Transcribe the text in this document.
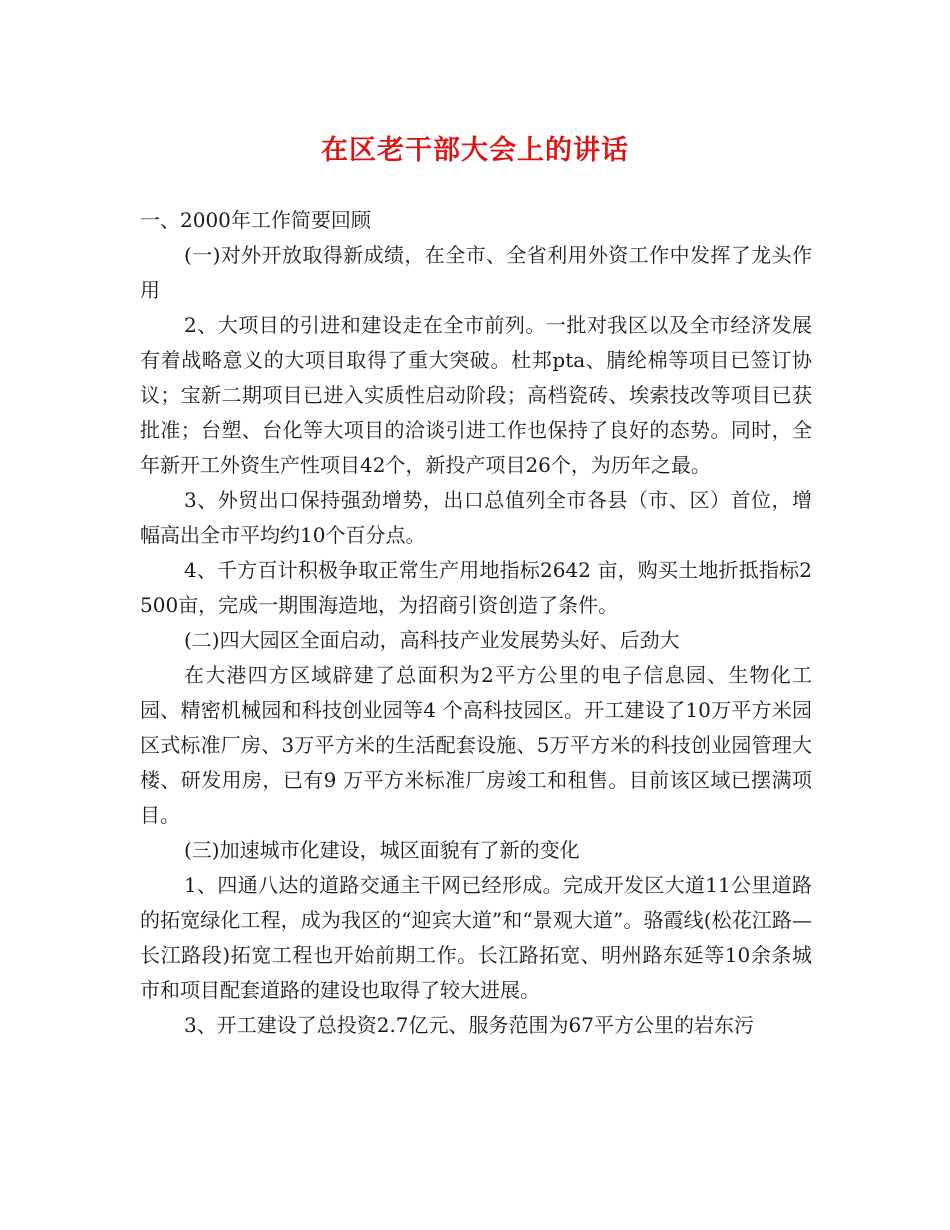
在区老干部大会上的讲话

一、2000年工作简要回顾

(一)对外开放取得新成绩，在全市、全省利用外资工作中发挥了龙头作用

2、大项目的引进和建设走在全市前列。一批对我区以及全市经济发展有着战略意义的大项目取得了重大突破。杜邦pta、腈纶棉等项目已签订协议；宝新二期项目已进入实质性启动阶段；高档瓷砖、埃索技改等项目已获批准；台塑、台化等大项目的洽谈引进工作也保持了良好的态势。同时，全年新开工外资生产性项目42个，新投产项目26个，为历年之最。

3、外贸出口保持强劲增势，出口总值列全市各县（市、区）首位，增幅高出全市平均约10个百分点。

4、千方百计积极争取正常生产用地指标2642 亩，购买土地折抵指标2500亩，完成一期围海造地，为招商引资创造了条件。

(二)四大园区全面启动，高科技产业发展势头好、后劲大

在大港四方区域辟建了总面积为2平方公里的电子信息园、生物化工园、精密机械园和科技创业园等4 个高科技园区。开工建设了10万平方米园区式标准厂房、3万平方米的生活配套设施、5万平方米的科技创业园管理大楼、研发用房，已有9 万平方米标准厂房竣工和租售。目前该区域已摆满项目。

(三)加速城市化建设，城区面貌有了新的变化

1、四通八达的道路交通主干网已经形成。完成开发区大道11公里道路的拓宽绿化工程，成为我区的“迎宾大道”和“景观大道”。骆霞线(松花江路—长江路段)拓宽工程也开始前期工作。长江路拓宽、明州路东延等10余条城市和项目配套道路的建设也取得了较大进展。

3、开工建设了总投资2.7亿元、服务范围为67平方公里的岩东污
